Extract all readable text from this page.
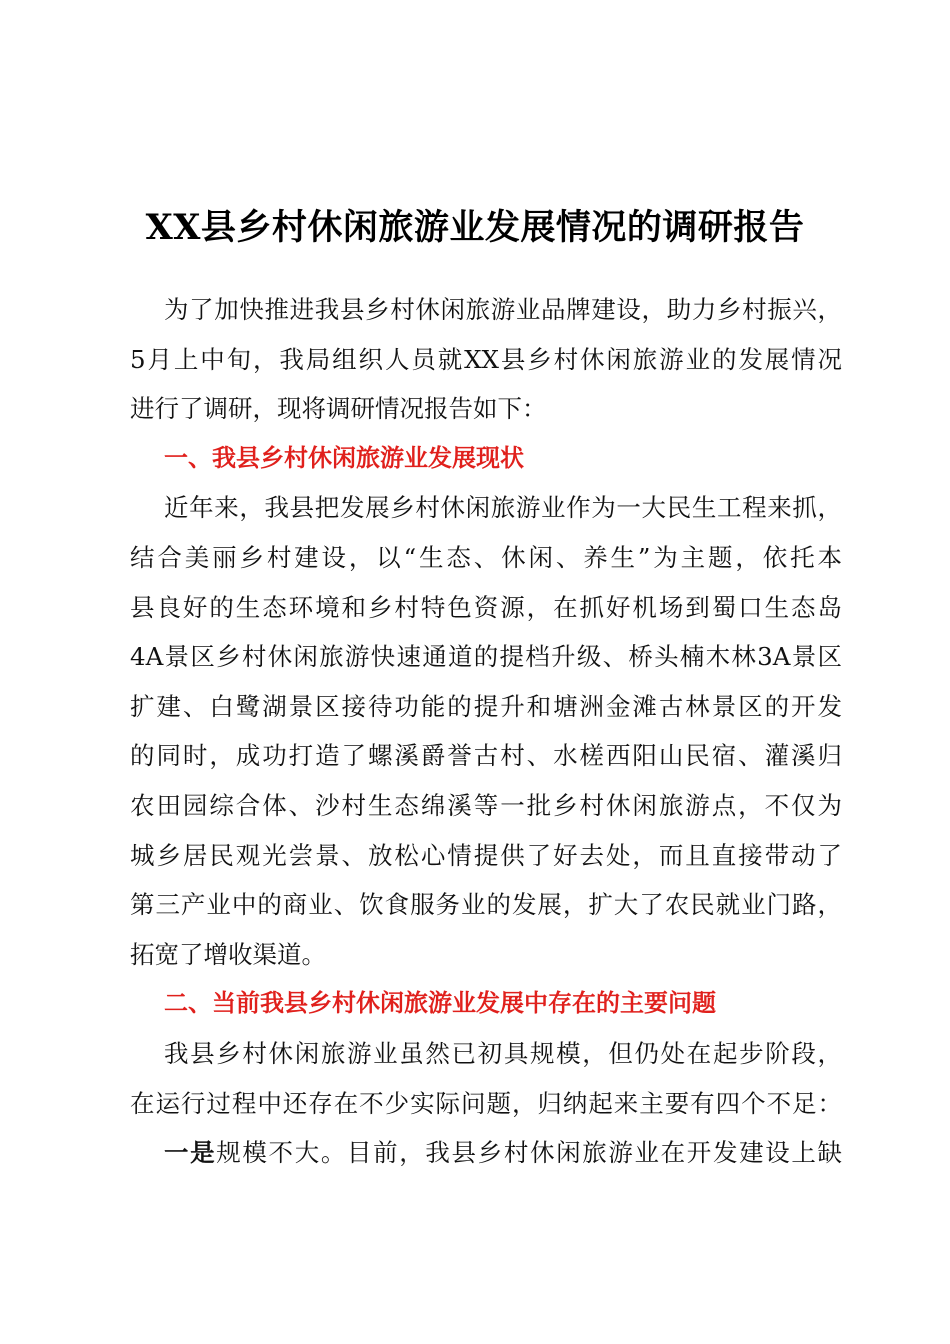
XX县乡村休闲旅游业发展情况的调研报告
为了加快推进我县乡村休闲旅游业品牌建设，助力乡村振兴，
5月上中旬，我局组织人员就XX县乡村休闲旅游业的发展情况
进行了调研，现将调研情况报告如下：
一、我县乡村休闲旅游业发展现状
近年来，我县把发展乡村休闲旅游业作为一大民生工程来抓，
结合美丽乡村建设，以“生态、休闲、养生”为主题，依托本
县良好的生态环境和乡村特色资源，在抓好机场到蜀口生态岛
4A景区乡村休闲旅游快速通道的提档升级、桥头楠木林3A景区
扩建、白鹭湖景区接待功能的提升和塘洲金滩古林景区的开发
的同时，成功打造了螺溪爵誉古村、水槎西阳山民宿、灌溪归
农田园综合体、沙村生态绵溪等一批乡村休闲旅游点，不仅为
城乡居民观光尝景、放松心情提供了好去处，而且直接带动了
第三产业中的商业、饮食服务业的发展，扩大了农民就业门路，
拓宽了增收渠道。
二、当前我县乡村休闲旅游业发展中存在的主要问题
我县乡村休闲旅游业虽然已初具规模，但仍处在起步阶段，
在运行过程中还存在不少实际问题，归纳起来主要有四个不足：
一是规模不大。目前，我县乡村休闲旅游业在开发建设上缺
